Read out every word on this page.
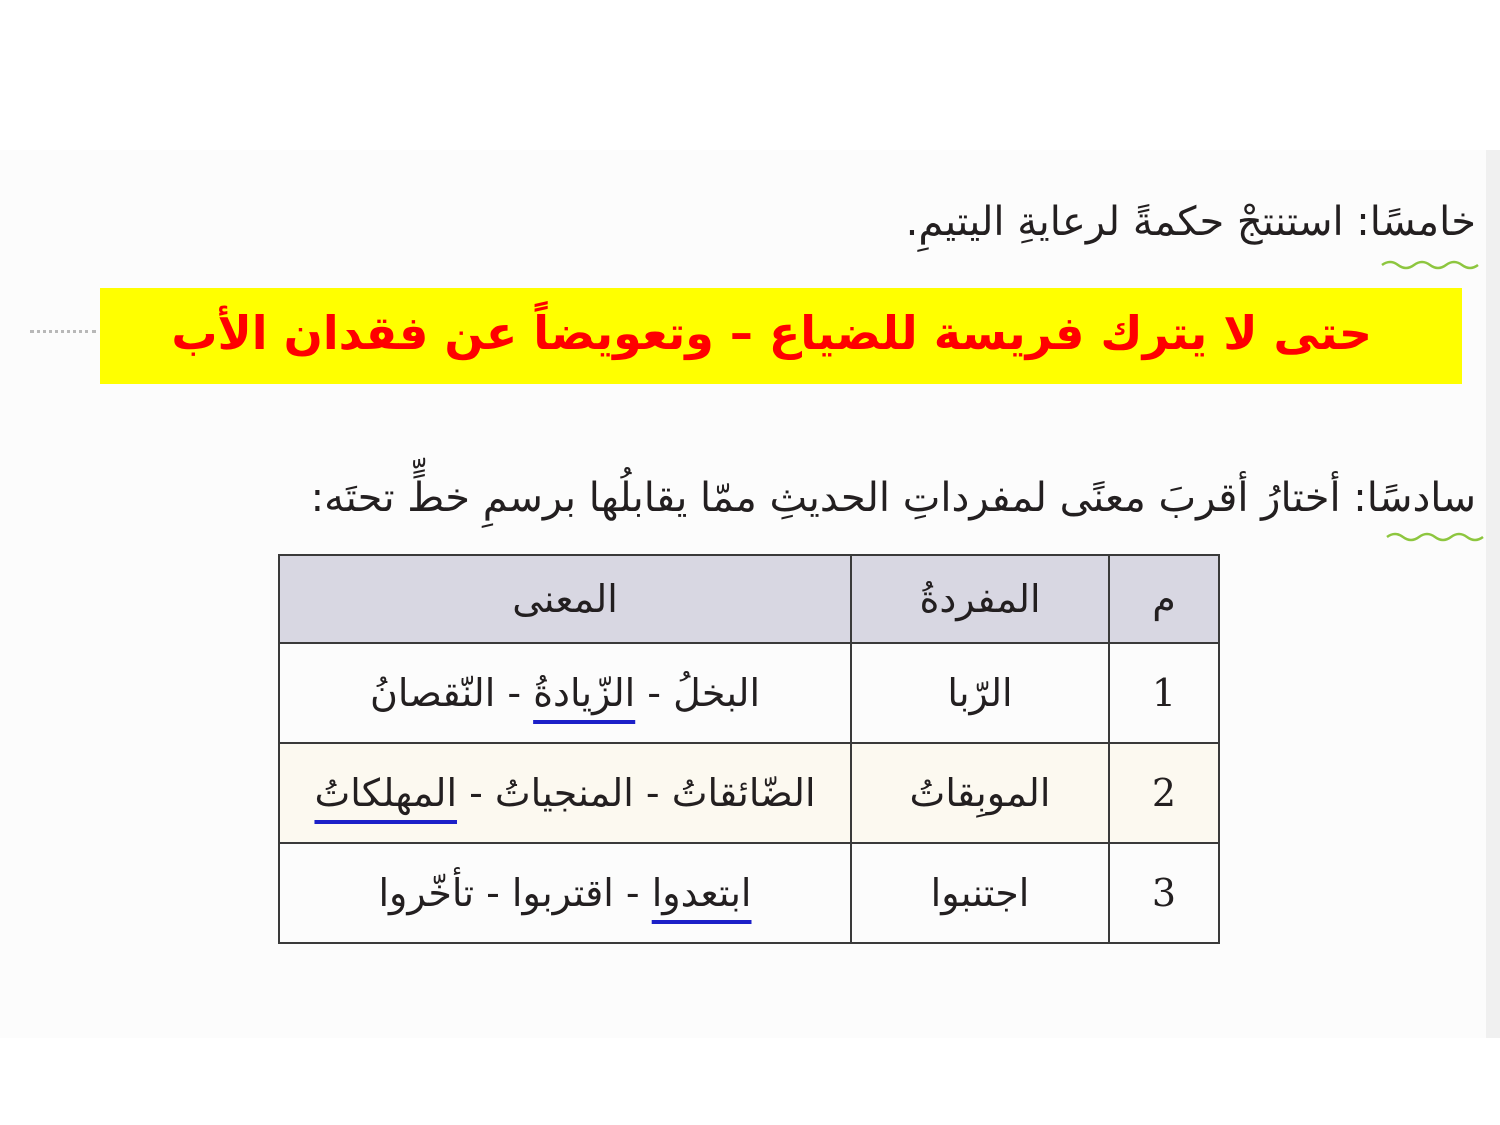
خامسًا: استنتجْ حكمةً لرعايةِ اليتيمِ.
حتى لا يترك فريسة للضياع – وتعويضاً عن فقدان الأب
سادسًا: أختارُ أقربَ معنًى لمفرداتِ الحديثِ ممّا يقابلُها برسمِ خطٍّ تحتَه:
م	المفردةُ	المعنى
1	الرّبا	البخلُ - الزّيادةُ - النّقصانُ
2	الموبِقاتُ	الضّائقاتُ - المنجياتُ - المهلكاتُ
3	اجتنبوا	ابتعدوا - اقتربوا - تأخّروا
